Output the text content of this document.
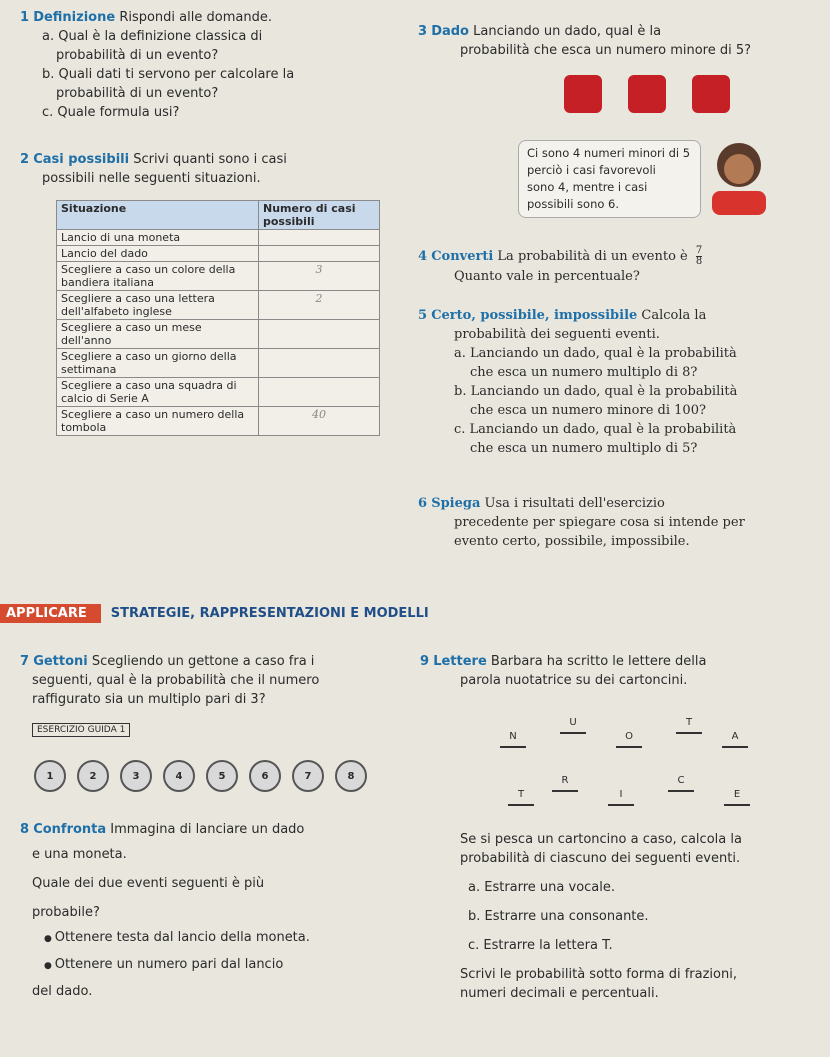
1 Definizione Rispondi alle domande.
a. Qual è la definizione classica di
probabilità di un evento?
b. Quali dati ti servono per calcolare la
probabilità di un evento?
c. Quale formula usi?
2 Casi possibili Scrivi quanti sono i casi
possibili nelle seguenti situazioni.
Situazione	Numero di casi possibili
Lancio di una moneta	
Lancio del dado	
Scegliere a caso un colore della bandiera italiana	3
Scegliere a caso una lettera dell'alfabeto inglese	2
Scegliere a caso un mese dell'anno	
Scegliere a caso un giorno della settimana	
Scegliere a caso una squadra di calcio di Serie A	
Scegliere a caso un numero della tombola	40
3 Dado Lanciando un dado, qual è la
probabilità che esca un numero minore di 5?
Ci sono 4 numeri minori di 5
perciò i casi favorevoli
sono 4, mentre i casi
possibili sono 6.
4 Converti La probabilità di un evento è $\frac{7}{8}$
Quanto vale in percentuale?
5 Certo, possibile, impossibile Calcola la
probabilità dei seguenti eventi.
a. Lanciando un dado, qual è la probabilità
che esca un numero multiplo di 8?
b. Lanciando un dado, qual è la probabilità
che esca un numero minore di 100?
c. Lanciando un dado, qual è la probabilità
che esca un numero multiplo di 5?
6 Spiega Usa i risultati dell'esercizio
precedente per spiegare cosa si intende per
evento certo, possibile, impossibile.
APPLICARE	STRATEGIE, RAPPRESENTAZIONI E MODELLI
7 Gettoni Scegliendo un gettone a caso fra i
seguenti, qual è la probabilità che il numero
raffigurato sia un multiplo pari di 3?
ESERCIZIO GUIDA 1
1	2	3	4	5	6	7	8
8 Confronta Immagina di lanciare un dado
e una moneta.
Quale dei due eventi seguenti è più
probabile?
● Ottenere testa dal lancio della moneta.
● Ottenere un numero pari dal lancio
del dado.
9 Lettere Barbara ha scritto le lettere della
parola nuotatrice su dei cartoncini.
N
U
O
T
A
T
R
I
C
E
Se si pesca un cartoncino a caso, calcola la
probabilità di ciascuno dei seguenti eventi.
a. Estrarre una vocale.
b. Estrarre una consonante.
c. Estrarre la lettera T.
Scrivi le probabilità sotto forma di frazioni,
numeri decimali e percentuali.
